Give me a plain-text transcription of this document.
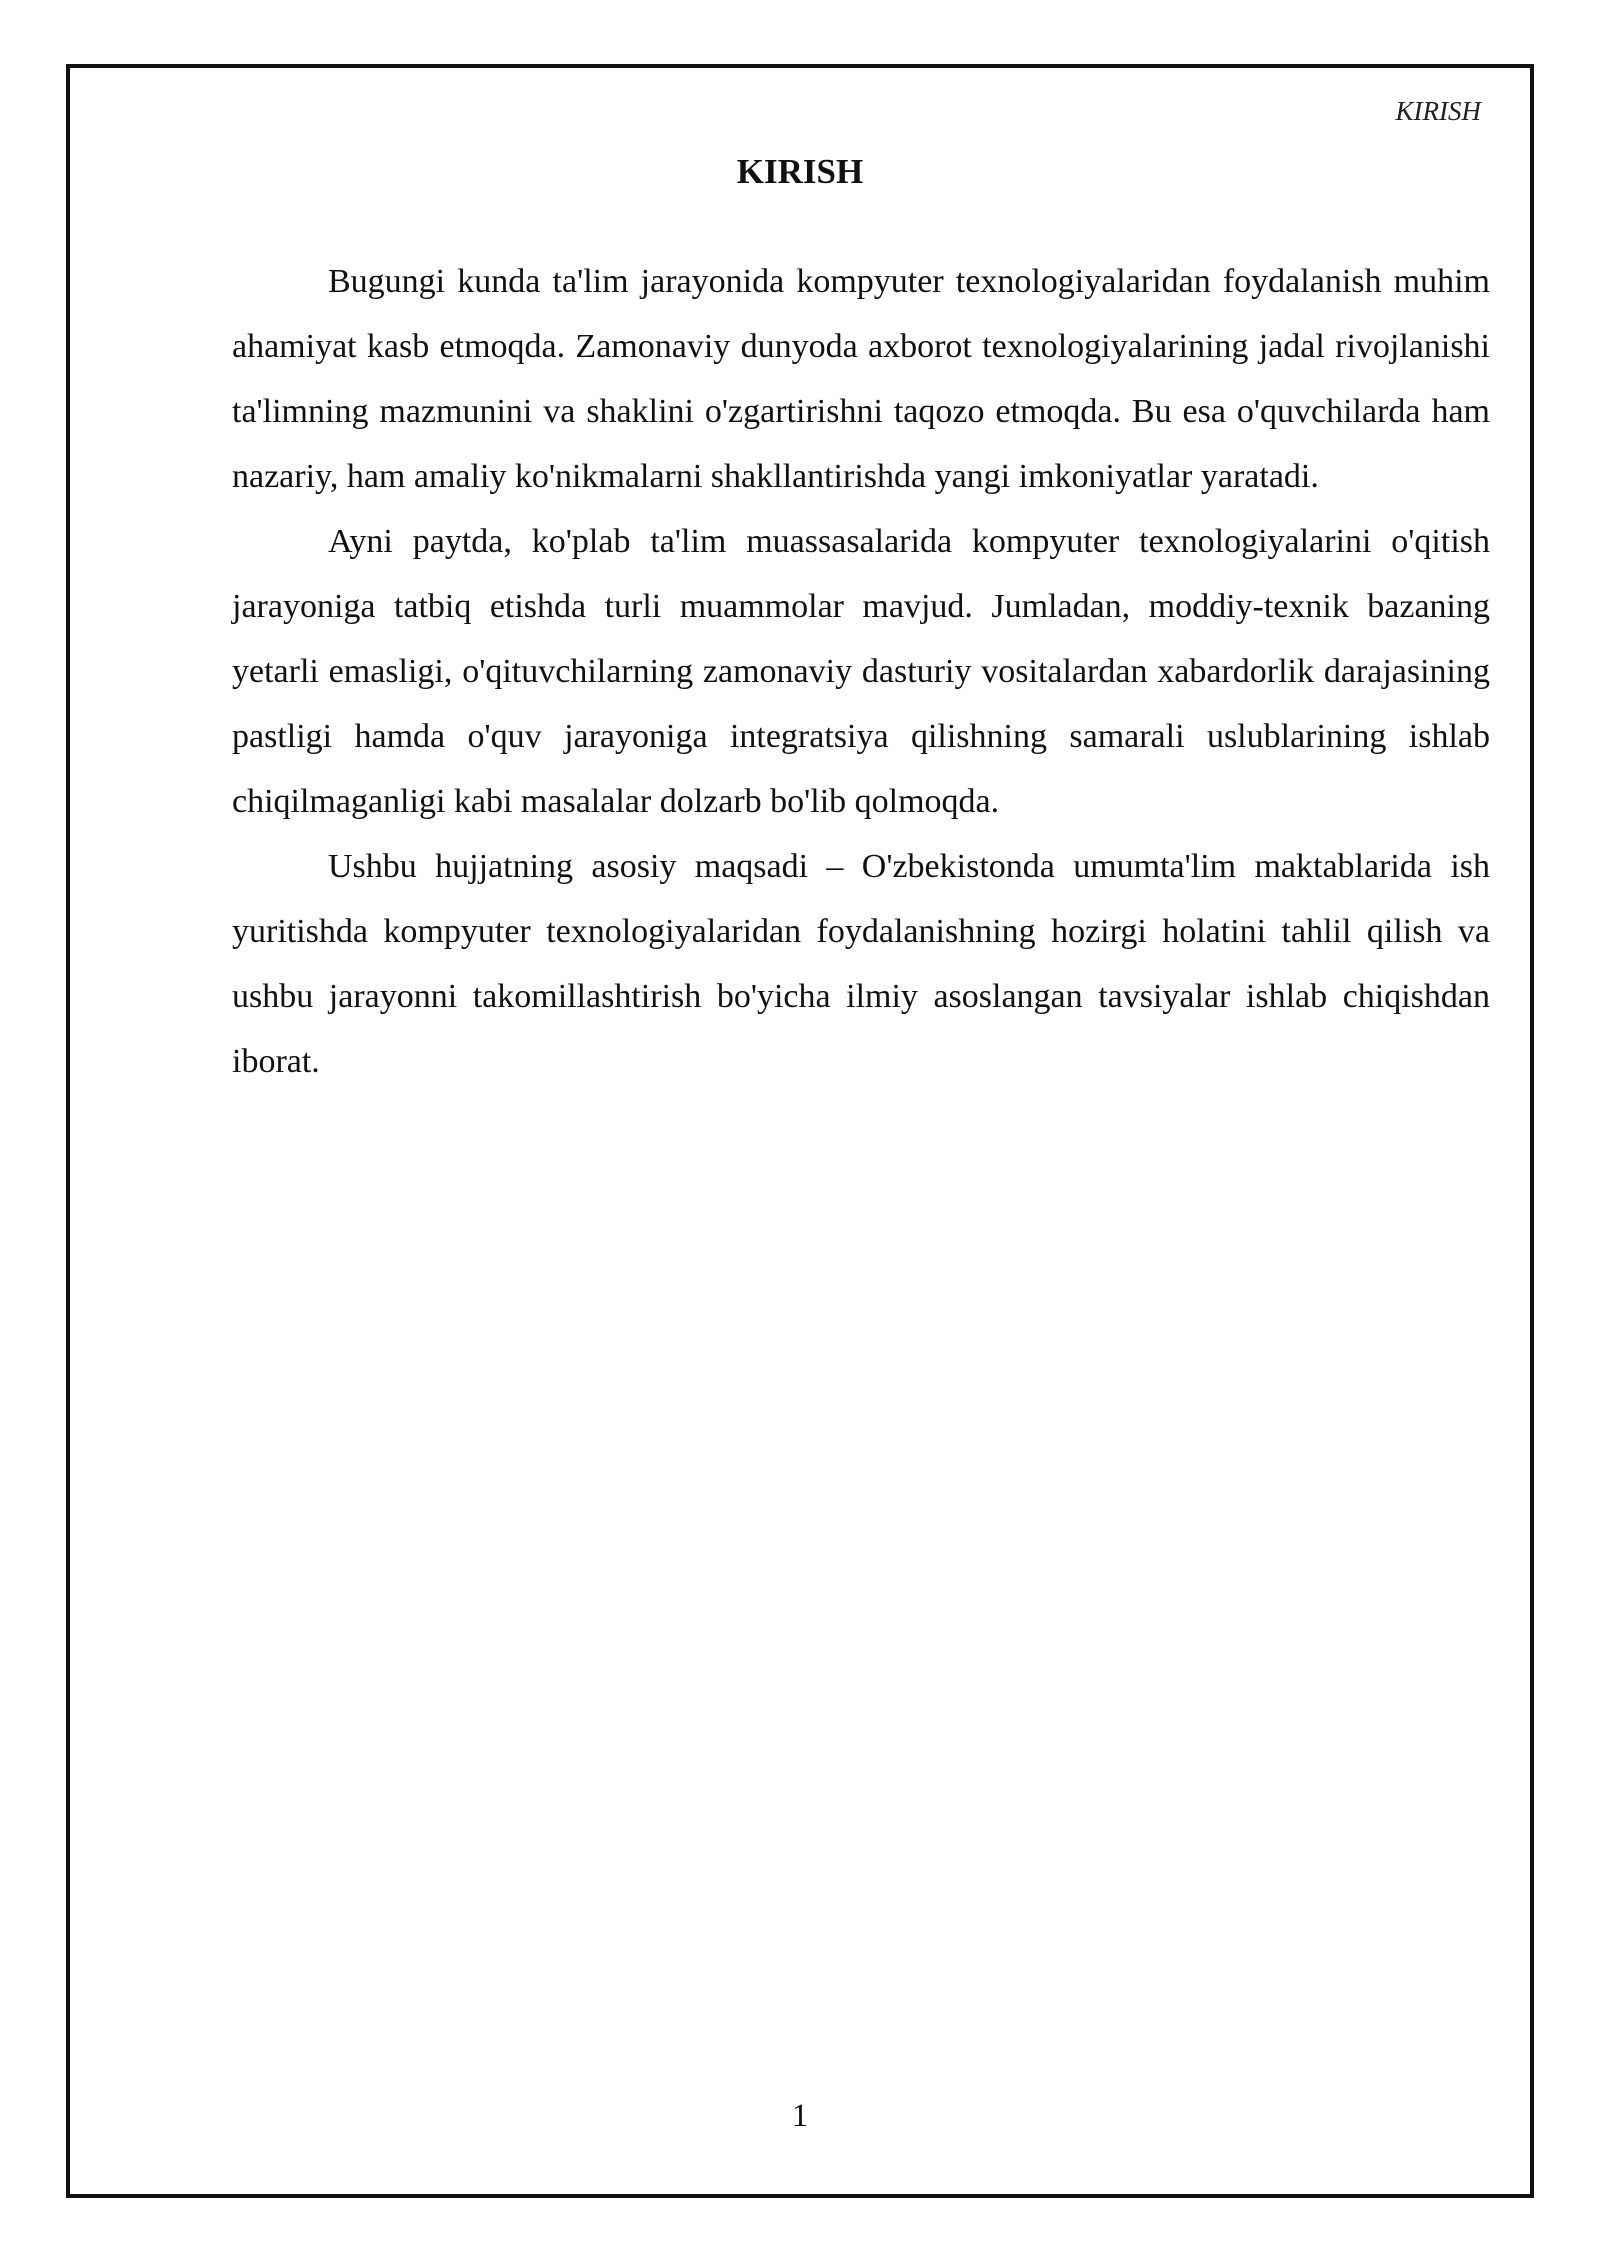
KIRISH
KIRISH

Bugungi kunda ta'lim jarayonida kompyuter texnologiyalaridan foydalanish muhim ahamiyat kasb etmoqda. Zamonaviy dunyoda axborot texnologiyalarining jadal rivojlanishi ta'limning mazmunini va shaklini o'zgartirishni taqozo etmoqda. Bu esa o'quvchilarda ham nazariy, ham amaliy ko'nikmalarni shakllantirishda yangi imkoniyatlar yaratadi.

Ayni paytda, ko'plab ta'lim muassasalarida kompyuter texnologiyalarini o'qitish jarayoniga tatbiq etishda turli muammolar mavjud. Jumladan, moddiy-texnik bazaning yetarli emasligi, o'qituvchilarning zamonaviy dasturiy vositalardan xabardorlik darajasining pastligi hamda o'quv jarayoniga integratsiya qilishning samarali uslublarining ishlab chiqilmaganligi kabi masalalar dolzarb bo'lib qolmoqda.

Ushbu hujjatning asosiy maqsadi – O'zbekistonda umumta'lim maktablarida ish yuritishda kompyuter texnologiyalaridan foydalanishning hozirgi holatini tahlil qilish va ushbu jarayonni takomillashtirish bo'yicha ilmiy asoslangan tavsiyalar ishlab chiqishdan iborat.

1
